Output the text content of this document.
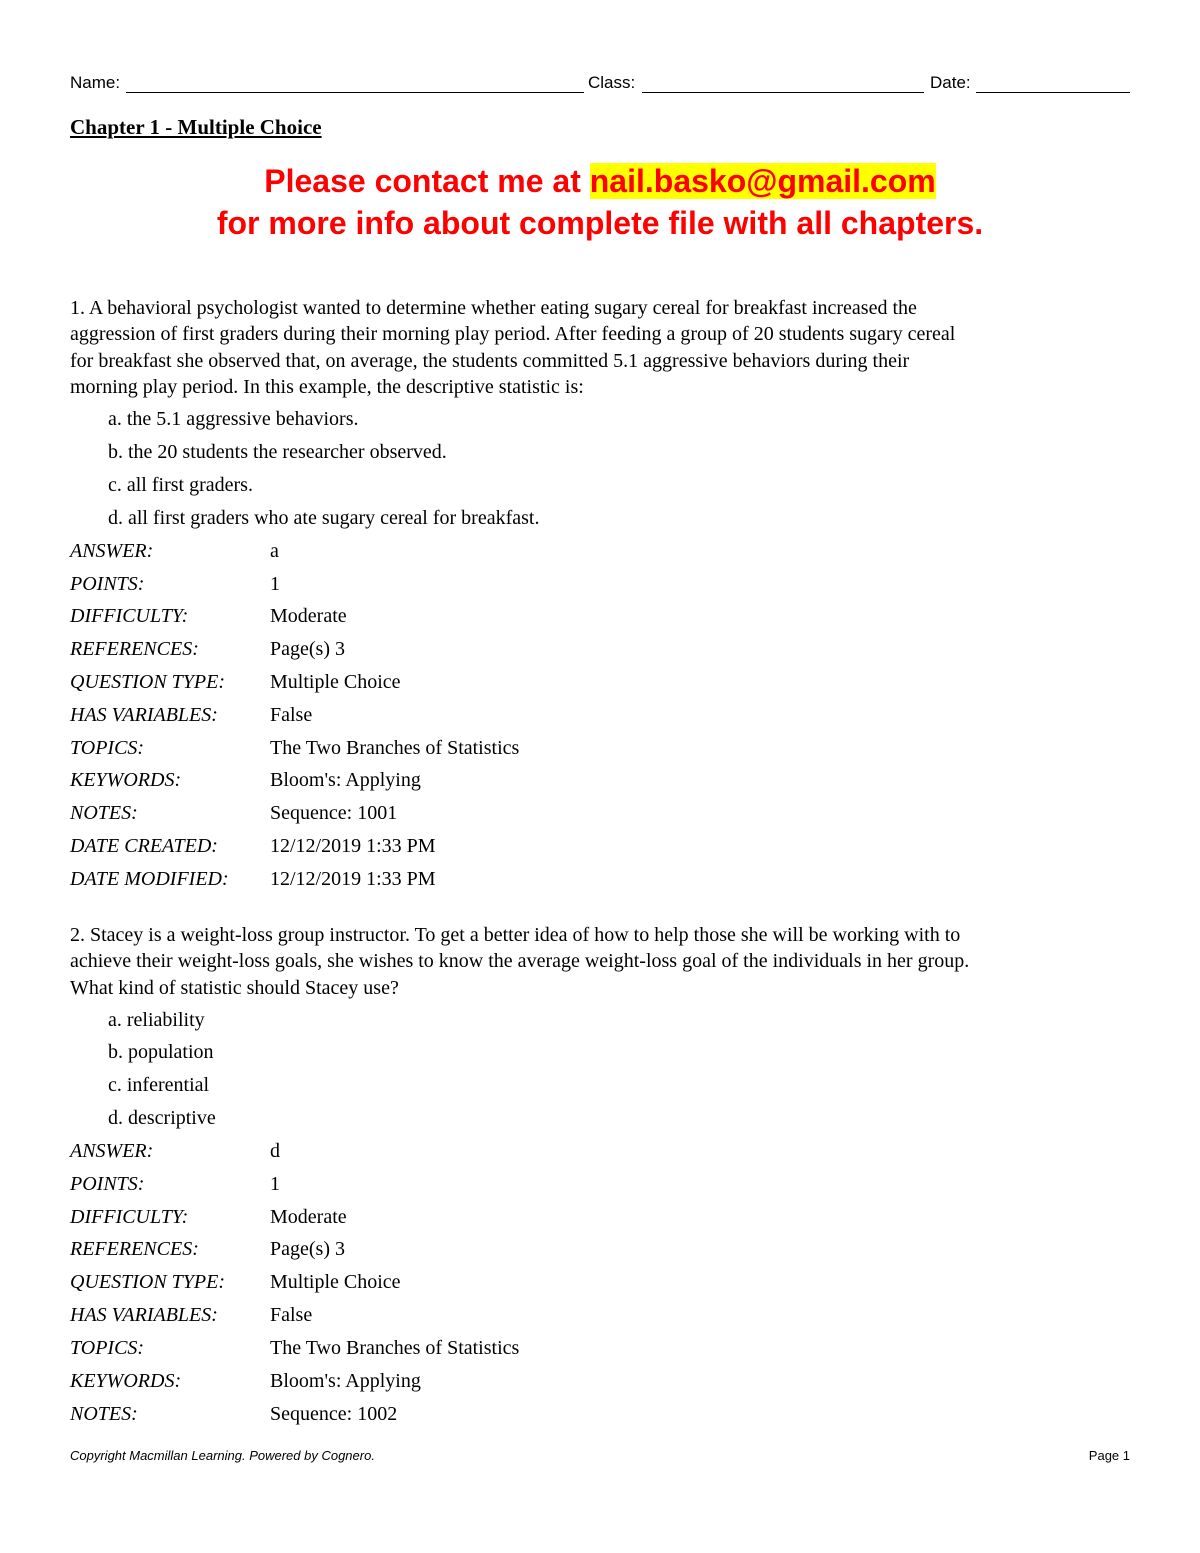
Name:	Class:	Date:
Chapter 1 - Multiple Choice
Please contact me at nail.basko@gmail.com
for more info about complete file with all chapters.
1. A behavioral psychologist wanted to determine whether eating sugary cereal for breakfast increased the
aggression of first graders during their morning play period. After feeding a group of 20 students sugary cereal
for breakfast she observed that, on average, the students committed 5.1 aggressive behaviors during their
morning play period. In this example, the descriptive statistic is:
a. the 5.1 aggressive behaviors.
b. the 20 students the researcher observed.
c. all first graders.
d. all first graders who ate sugary cereal for breakfast.
ANSWER:	a
POINTS:	1
DIFFICULTY:	Moderate
REFERENCES:	Page(s) 3
QUESTION TYPE: Multiple Choice
HAS VARIABLES:	False
TOPICS:	The Two Branches of Statistics
KEYWORDS:	Bloom's: Applying
NOTES:	Sequence: 1001
DATE CREATED:	12/12/2019 1:33 PM
DATE MODIFIED: 12/12/2019 1:33 PM
2. Stacey is a weight-loss group instructor. To get a better idea of how to help those she will be working with to
achieve their weight-loss goals, she wishes to know the average weight-loss goal of the individuals in her group.
What kind of statistic should Stacey use?
a. reliability
b. population
c. inferential
d. descriptive
ANSWER:	d
POINTS:	1
DIFFICULTY:	Moderate
REFERENCES:	Page(s) 3
QUESTION TYPE: Multiple Choice
HAS VARIABLES:	False
TOPICS:	The Two Branches of Statistics
KEYWORDS:	Bloom's: Applying
NOTES:	Sequence: 1002
Copyright Macmillan Learning. Powered by Cognero.	Page 1
